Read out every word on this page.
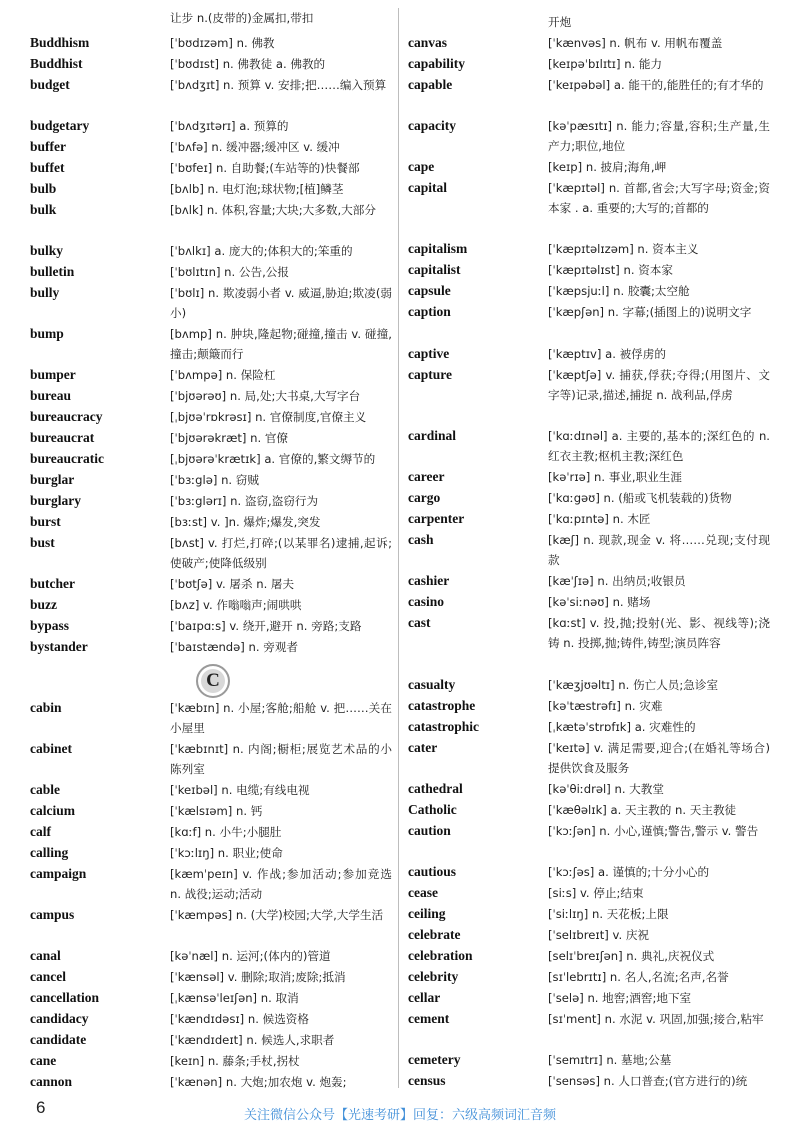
让步 n.(皮带的)金属扣,带扣
Buddhism	[ˈbʊdɪzəm] n. 佛教
Buddhist	[ˈbʊdɪst] n. 佛教徒 a. 佛教的
budget	[ˈbʌdʒɪt] n. 预算 v. 安排;把……编入预算
budgetary	[ˈbʌdʒɪtərɪ] a. 预算的
buffer	[ˈbʌfə] n. 缓冲器;缓冲区 v. 缓冲
buffet	[ˈbʊfeɪ] n. 自助餐;(车站等的)快餐部
bulb	[bʌlb] n. 电灯泡;球状物;[植]鳞茎
bulk	[bʌlk] n. 体积,容量;大块;大多数,大部分
bulky	[ˈbʌlkɪ] a. 庞大的;体积大的;笨重的
bulletin	[ˈbʊlɪtɪn] n. 公告,公报
bully	[ˈbʊlɪ] n. 欺凌弱小者 v. 威逼,胁迫;欺凌(弱小)
bump	[bʌmp] n. 肿块,隆起物;碰撞,撞击 v. 碰撞,撞击;颠簸而行
bumper	[ˈbʌmpə] n. 保险杠
bureau	[ˈbjʊərəʊ] n. 局,处;大书桌,大写字台
bureaucracy	[ˌbjʊəˈrɒkrəsɪ] n. 官僚制度,官僚主义
bureaucrat	[ˈbjʊərəkræt] n. 官僚
bureaucratic	[ˌbjʊərəˈkrætɪk] a. 官僚的,繁文缛节的
burglar	[ˈbɜːglə] n. 窃贼
burglary	[ˈbɜːglərɪ] n. 盗窃,盗窃行为
burst	[bɜːst] v. ]n. 爆炸;爆发,突发
bust	[bʌst] v. 打烂,打碎;(以某罪名)逮捕,起诉;使破产;使降低级别
butcher	[ˈbʊtʃə] v. 屠杀 n. 屠夫
buzz	[bʌz] v. 作嗡嗡声;闹哄哄
bypass	[ˈbaɪpɑːs] v. 绕开,避开 n. 旁路;支路
bystander	[ˈbaɪstændə] n. 旁观者
cabin	[ˈkæbɪn] n. 小屋;客舱;船舱 v. 把……关在小屋里
cabinet	[ˈkæbɪnɪt] n. 内阁;橱柜;展览艺术品的小陈列室
cable	[ˈkeɪbəl] n. 电缆;有线电视
calcium	[ˈkælsɪəm] n. 钙
calf	[kɑːf] n. 小牛;小腿肚
calling	[ˈkɔːlɪŋ] n. 职业;使命
campaign	[kæmˈpeɪn] v. 作战;参加活动;参加竞选 n. 战役;运动;活动
campus	[ˈkæmpəs] n. (大学)校园;大学,大学生活
canal	[kəˈnæl] n. 运河;(体内的)管道
cancel	[ˈkænsəl] v. 删除;取消;废除;抵消
cancellation	[ˌkænsəˈleɪʃən] n. 取消
candidacy	[ˈkændɪdəsɪ] n. 候选资格
candidate	[ˈkændɪdeɪt] n. 候选人,求职者
cane	[keɪn] n. 藤条;手杖,拐杖
cannon	[ˈkænən] n. 大炮;加农炮 v. 炮轰;
开炮
canvas	[ˈkænvəs] n. 帆布 v. 用帆布覆盖
capability	[keɪpəˈbɪlɪtɪ] n. 能力
capable	[ˈkeɪpəbəl] a. 能干的,能胜任的;有才华的
capacity	[kəˈpæsɪtɪ] n. 能力;容量,容积;生产量,生产力;职位,地位
cape	[keɪp] n. 披肩;海角,岬
capital	[ˈkæpɪtəl] n. 首都,省会;大写字母;资金;资本家 . a. 重要的;大写的;首都的
capitalism	[ˈkæpɪtəlɪzəm] n. 资本主义
capitalist	[ˈkæpɪtəlɪst] n. 资本家
capsule	[ˈkæpsjuːl] n. 胶囊;太空舱
caption	[ˈkæpʃən] n. 字幕;(插图上的)说明文字
captive	[ˈkæptɪv] a. 被俘虏的
capture	[ˈkæptʃə] v. 捕获,俘获;夺得;(用图片、文字等)记录,描述,捕捉 n. 战利品,俘虏
cardinal	[ˈkɑːdɪnəl] a. 主要的,基本的;深红色的 n. 红衣主教;枢机主教;深红色
career	[kəˈrɪə] n. 事业,职业生涯
cargo	[ˈkɑːgəʊ] n. (船或飞机装载的)货物
carpenter	[ˈkɑːpɪntə] n. 木匠
cash	[kæʃ] n. 现款,现金 v. 将……兑现;支付现款
cashier	[kæˈʃɪə] n. 出纳员;收银员
casino	[kəˈsiːnəʊ] n. 赌场
cast	[kɑːst] v. 投,抛;投射(光、影、视线等);浇铸 n. 投掷,抛;铸件,铸型;演员阵容
casualty	[ˈkæʒjʊəltɪ] n. 伤亡人员;急诊室
catastrophe	[kəˈtæstrəfɪ] n. 灾难
catastrophic	[ˌkætəˈstrɒfɪk] a. 灾难性的
cater	[ˈkeɪtə] v. 满足需要,迎合;(在婚礼等场合)提供饮食及服务
cathedral	[kəˈθiːdrəl] n. 大教堂
Catholic	[ˈkæθəlɪk] a. 天主教的 n. 天主教徒
caution	[ˈkɔːʃən] n. 小心,谨慎;警告,警示 v. 警告
cautious	[ˈkɔːʃəs] a. 谨慎的;十分小心的
cease	[siːs] v. 停止;结束
ceiling	[ˈsiːlɪŋ] n. 天花板;上限
celebrate	[ˈselɪbreɪt] v. 庆祝
celebration	[selɪˈbreɪʃən] n. 典礼,庆祝仪式
celebrity	[sɪˈlebrɪtɪ] n. 名人,名流;名声,名誉
cellar	[ˈselə] n. 地窖;酒窖;地下室
cement	[sɪˈment] n. 水泥 v. 巩固,加强;接合,粘牢
cemetery	[ˈsemɪtrɪ] n. 墓地;公墓
census	[ˈsensəs] n. 人口普查;(官方进行的)统
C
6	关注微信公众号【光速考研】回复：六级高频词汇音频
